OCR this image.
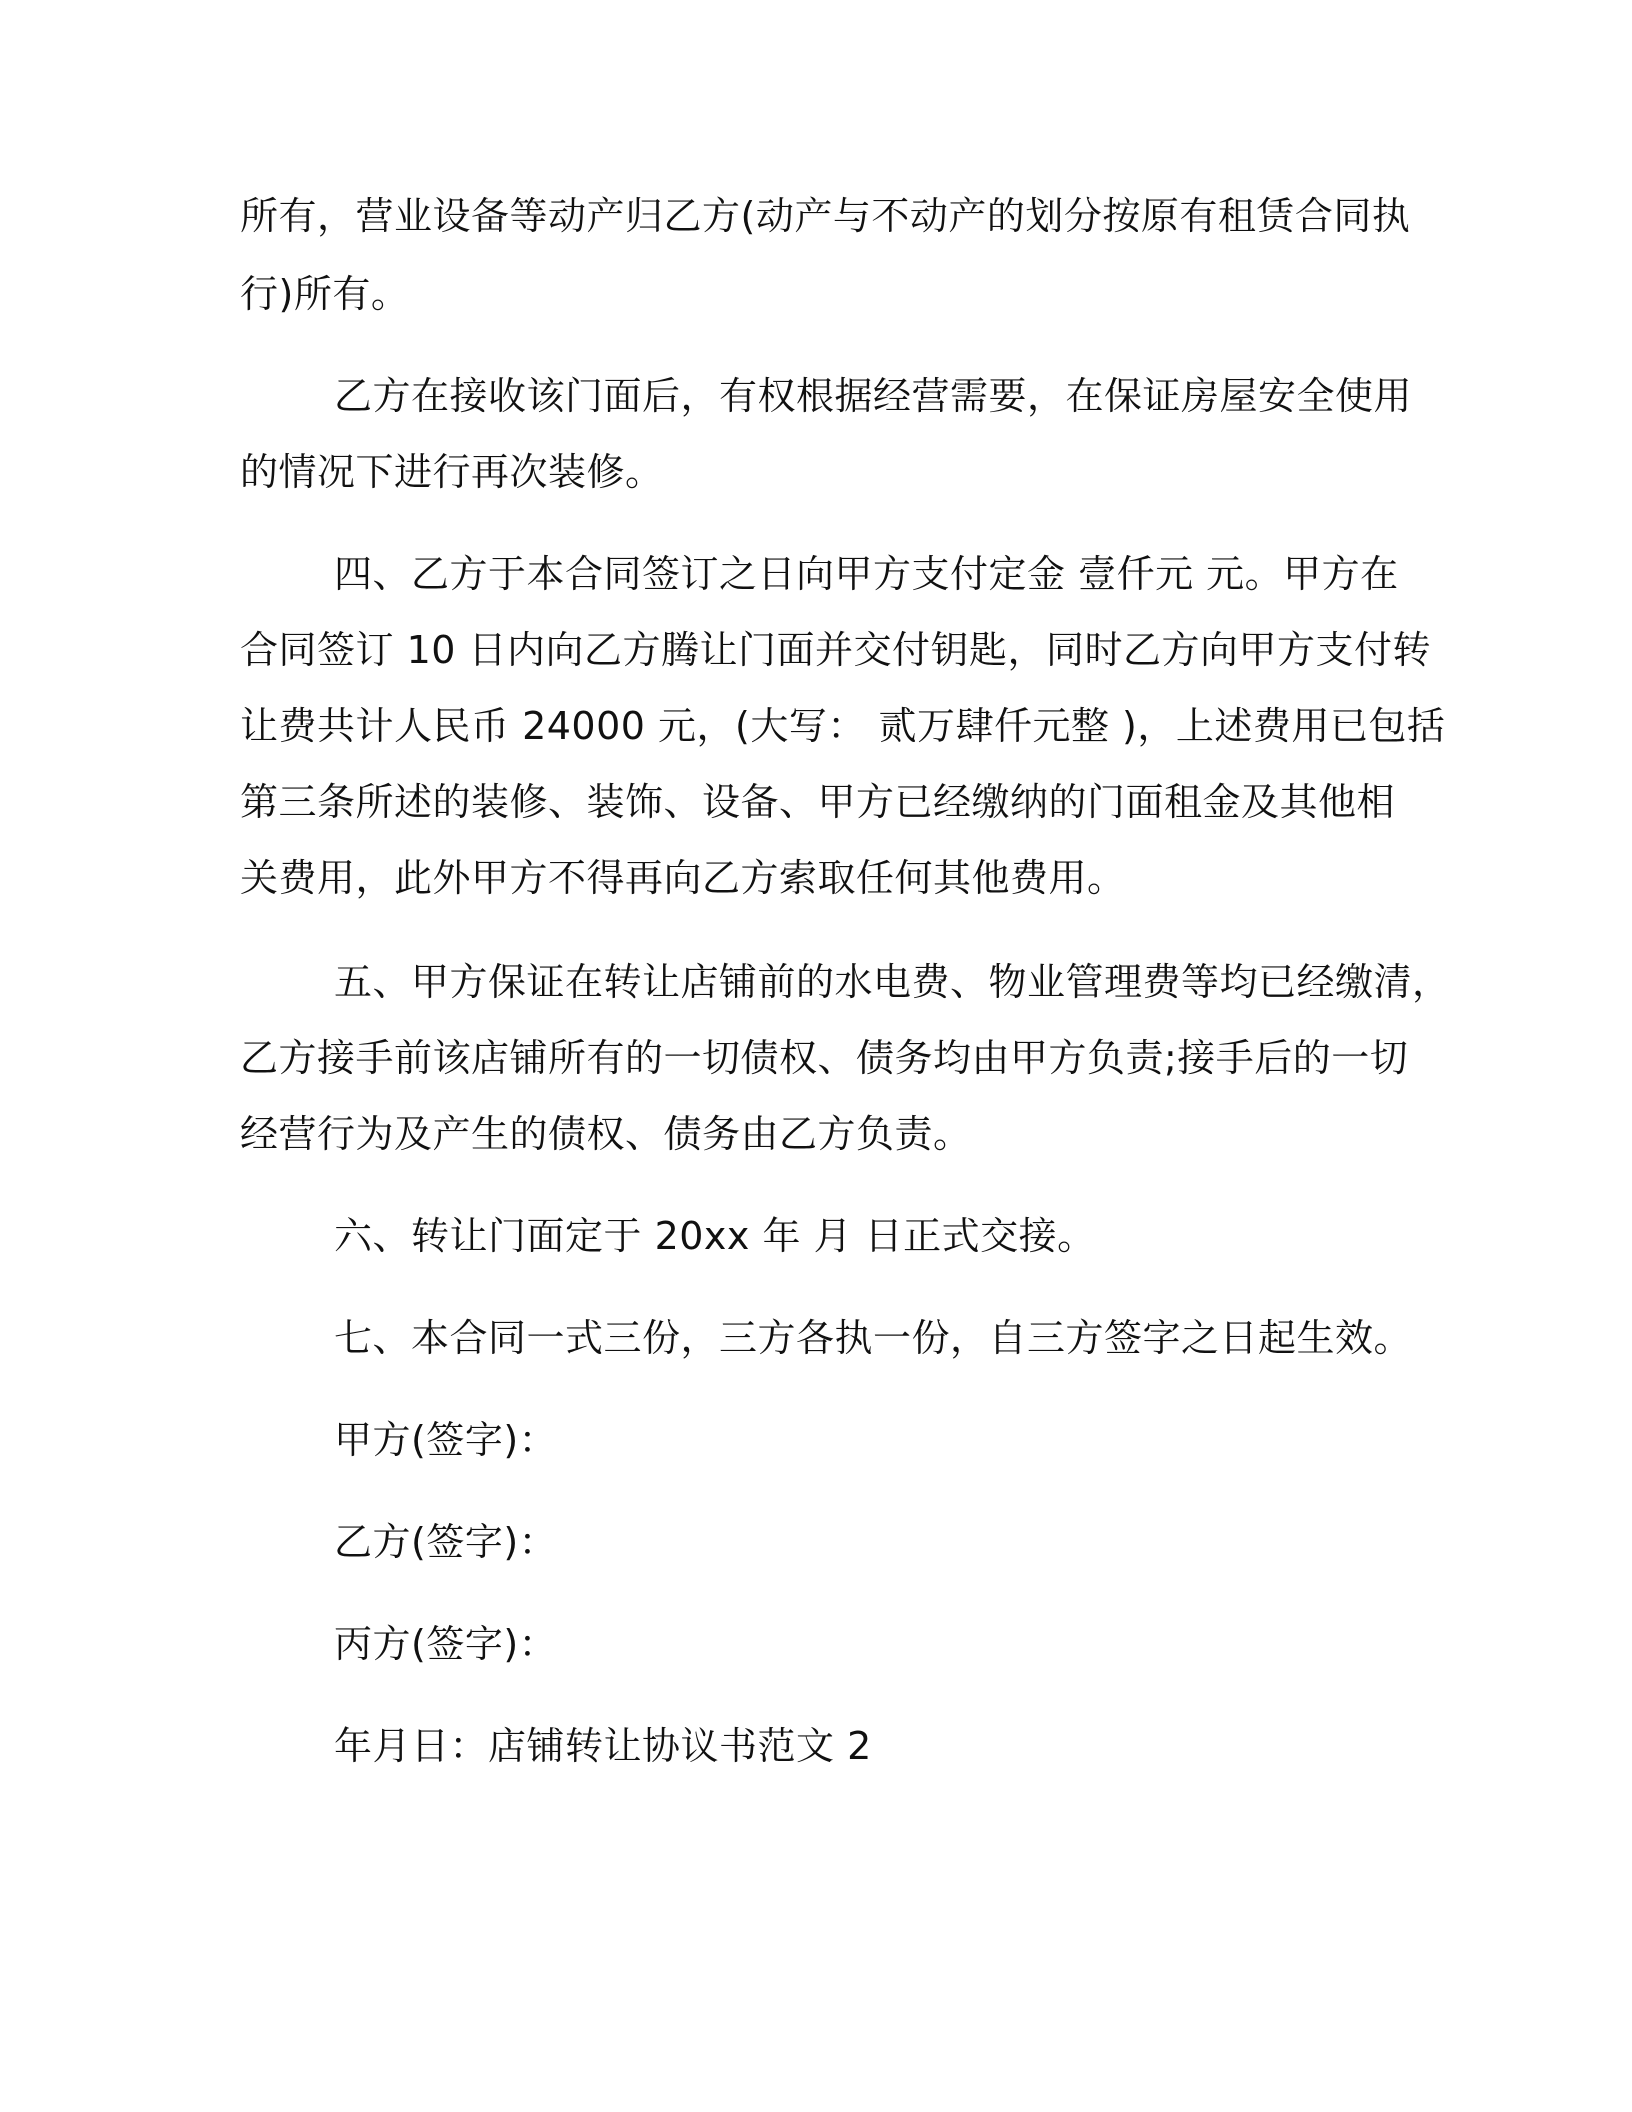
所有，营业设备等动产归乙方(动产与不动产的划分按原有租赁合同执
行)所有。
乙方在接收该门面后，有权根据经营需要，在保证房屋安全使用
的情况下进行再次装修。
四、乙方于本合同签订之日向甲方支付定金 壹仟元 元。甲方在
合同签订 10 日内向乙方腾让门面并交付钥匙，同时乙方向甲方支付转
让费共计人民币 24000 元，(大写： 贰万肆仟元整 )，上述费用已包括
第三条所述的装修、装饰、设备、甲方已经缴纳的门面租金及其他相
关费用，此外甲方不得再向乙方索取任何其他费用。
五、甲方保证在转让店铺前的水电费、物业管理费等均已经缴清，
乙方接手前该店铺所有的一切债权、债务均由甲方负责;接手后的一切
经营行为及产生的债权、债务由乙方负责。
六、转让门面定于 20xx 年 月 日正式交接。
七、本合同一式三份，三方各执一份，自三方签字之日起生效。
甲方(签字)：
乙方(签字)：
丙方(签字)：
年月日：店铺转让协议书范文 2
